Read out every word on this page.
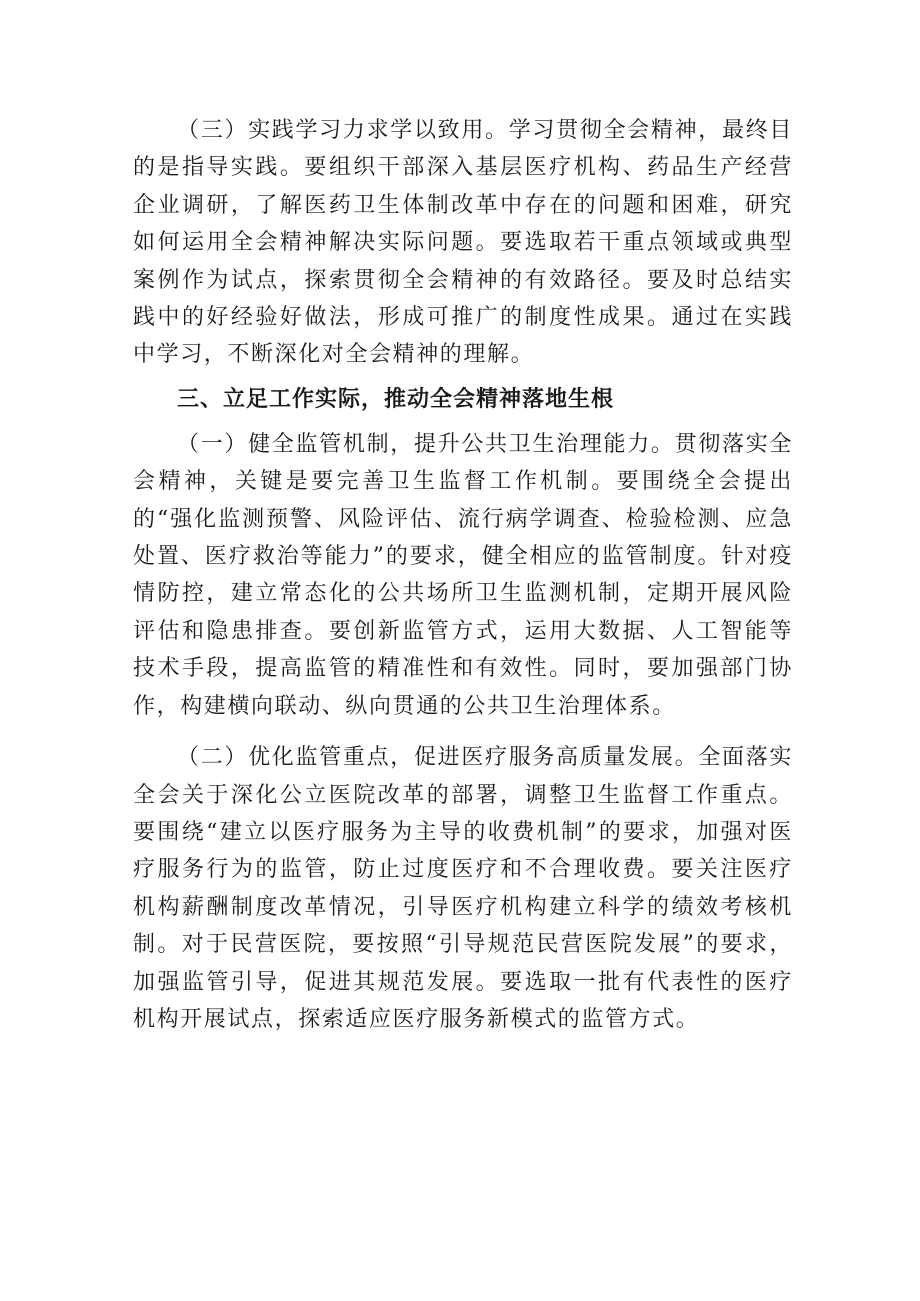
（三）实践学习力求学以致用。学习贯彻全会精神，最终目的是指导实践。要组织干部深入基层医疗机构、药品生产经营企业调研，了解医药卫生体制改革中存在的问题和困难，研究如何运用全会精神解决实际问题。要选取若干重点领域或典型案例作为试点，探索贯彻全会精神的有效路径。要及时总结实践中的好经验好做法，形成可推广的制度性成果。通过在实践中学习，不断深化对全会精神的理解。

三、立足工作实际，推动全会精神落地生根

（一）健全监管机制，提升公共卫生治理能力。贯彻落实全会精神，关键是要完善卫生监督工作机制。要围绕全会提出的“强化监测预警、风险评估、流行病学调查、检验检测、应急处置、医疗救治等能力”的要求，健全相应的监管制度。针对疫情防控，建立常态化的公共场所卫生监测机制，定期开展风险评估和隐患排查。要创新监管方式，运用大数据、人工智能等技术手段，提高监管的精准性和有效性。同时，要加强部门协作，构建横向联动、纵向贯通的公共卫生治理体系。

（二）优化监管重点，促进医疗服务高质量发展。全面落实全会关于深化公立医院改革的部署，调整卫生监督工作重点。要围绕“建立以医疗服务为主导的收费机制”的要求，加强对医疗服务行为的监管，防止过度医疗和不合理收费。要关注医疗机构薪酬制度改革情况，引导医疗机构建立科学的绩效考核机制。对于民营医院，要按照“引导规范民营医院发展”的要求，加强监管引导，促进其规范发展。要选取一批有代表性的医疗机构开展试点，探索适应医疗服务新模式的监管方式。
